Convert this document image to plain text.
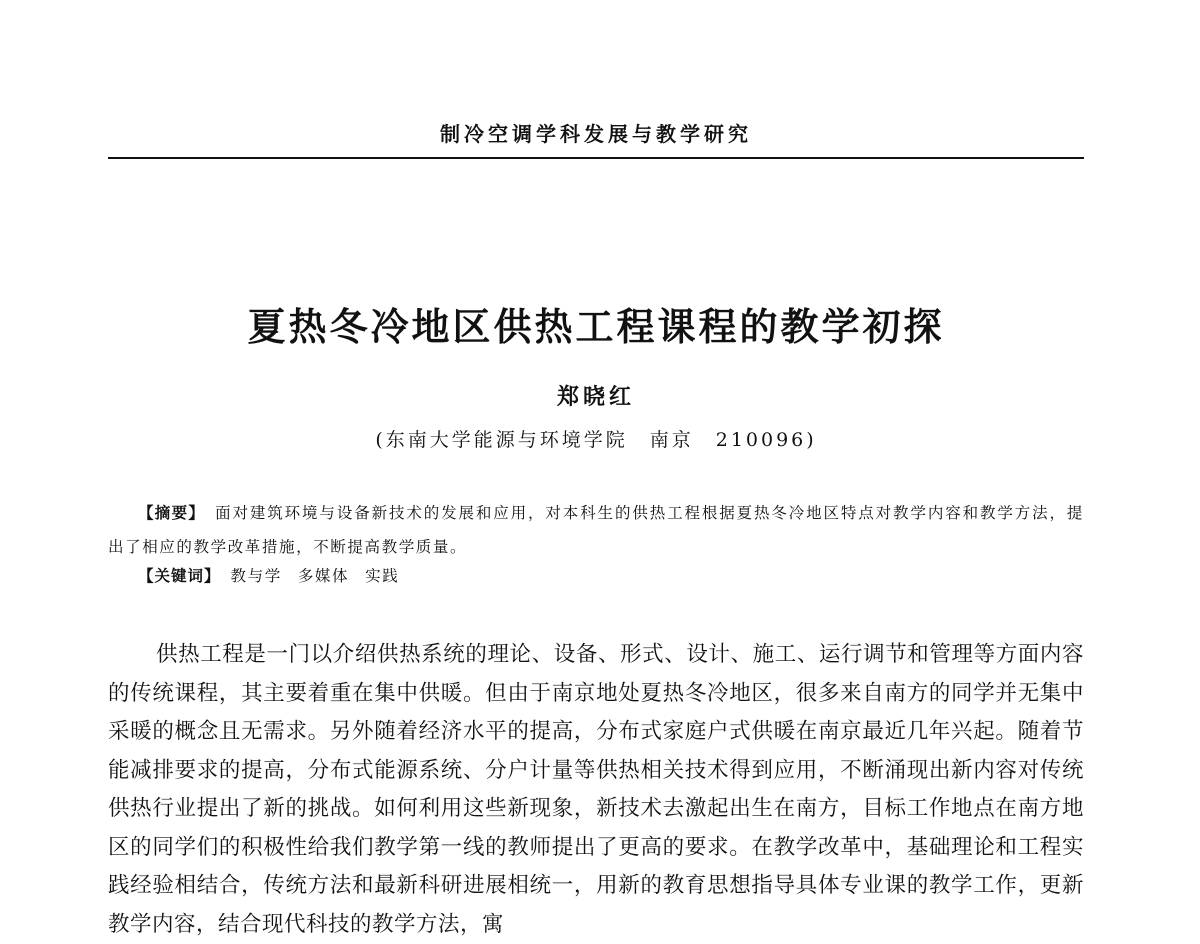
制冷空调学科发展与教学研究
夏热冬冷地区供热工程课程的教学初探
郑晓红
(东南大学能源与环境学院　南京　210096)
【摘要】 面对建筑环境与设备新技术的发展和应用，对本科生的供热工程根据夏热冬冷地区特点对教学内容和教学方法，提出了相应的教学改革措施，不断提高教学质量。
【关键词】 教与学 多媒体 实践
供热工程是一门以介绍供热系统的理论、设备、形式、设计、施工、运行调节和管理等方面内容的传统课程，其主要着重在集中供暖。但由于南京地处夏热冬冷地区，很多来自南方的同学并无集中采暖的概念且无需求。另外随着经济水平的提高，分布式家庭户式供暖在南京最近几年兴起。随着节能减排要求的提高，分布式能源系统、分户计量等供热相关技术得到应用，不断涌现出新内容对传统供热行业提出了新的挑战。如何利用这些新现象，新技术去激起出生在南方，目标工作地点在南方地区的同学们的积极性给我们教学第一线的教师提出了更高的要求。在教学改革中，基础理论和工程实践经验相结合，传统方法和最新科研进展相统一，用新的教育思想指导具体专业课的教学工作，更新教学内容，结合现代科技的教学方法，寓
